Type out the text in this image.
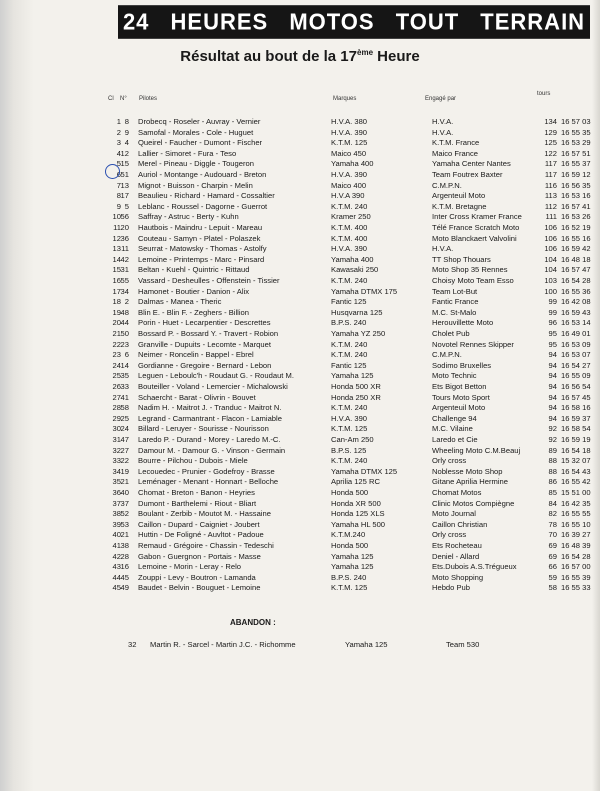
24 HEURES MOTOS TOUT TERRAIN
Résultat au bout de la 17ème Heure
Cl N° Pilotes	Marques	Engagé par
tours
1 8 Drobecq - Roseler - Auvray - Vernier	H.V.A. 380	H.V.A.	134 16 57 03
2 9 Samofal - Morales - Cole - Huguet	H.V.A. 390	H.V.A.	129 16 55 35
3 4 Queirel - Faucher - Dumont - Fischer	K.T.M. 125	K.T.M. France	125 16 53 29
4 12 Lallier - Simoret - Fura - Teso	Maico 450	Maico France	122 16 57 51
5 15 Merel - Pineau - Diggle - Tougeron	Yamaha 400	Yamaha Center Nantes	117 16 55 37
6 51 Auriol - Montange - Audouard - Breton	H.V.A. 390	Team Foutrex Baxter	117 16 59 12
7 13 Mignot - Buisson - Charpin - Melin	Maico 400	C.M.P.N.	116 16 56 35
8 17 Beaulieu - Richard - Hamard - Cossaltier	H.V.A 390	Argenteuil Moto	113 16 53 16
9 5 Leblanc - Roussel - Dagorne - Guerrot	K.T.M. 240	K.T.M. Bretagne	112 16 57 41
10 56 Saffray - Astruc - Berty - Kuhn	Kramer 250	Inter Cross Kramer France	111 16 53 26
11 20 Hautbois - Maindru - Lepuit - Mareau	K.T.M. 400	Télé France Scratch Moto	106 16 52 19
12 36 Couteau - Samyn - Platel - Polaszek	K.T.M. 400	Moto Blanckaert Valvolini	106 16 55 16
13 11 Seurrat - Matowsky - Thomas - Astolfy	H.V.A. 390	H.V.A.	106 16 59 42
14 42 Lemoine - Printemps - Marc - Pinsard	Yamaha 400	TT Shop Thouars	104 16 48 18
15 31 Beltan - Kuehl - Quintric - Rittaud	Kawasaki 250	Moto Shop 35 Rennes	104 16 57 47
16 55 Vassard - Desheulles - Offenstein - Tissier	K.T.M. 240	Choisy Moto Team Esso	103 16 54 28
17 34 Hamonet - Boutier - Danion - Alix	Yamaha DTMX 175	Team Lot-But	100 16 55 36
18 2 Dalmas - Manea - Theric	Fantic 125	Fantic France	99 16 42 08
19 48 Blin E. - Blin F. - Zeghers - Billion	Husqvarna 125	M.C. St-Malo	99 16 59 43
20 44 Porin - Huet - Lecarpentier - Descrettes	B.P.S. 240	Herouvillette Moto	96 16 53 14
21 50 Bossard P. - Bossard Y. - Travert - Robion	Yamaha YZ 250	Cholet Pub	95 16 49 01
22 23 Granville - Dupuits - Lecomte - Marquet	K.T.M. 240	Novotel Rennes Skipper	95 16 53 09
23 6 Neimer - Roncelin - Bappel - Ebrel	K.T.M. 240	C.M.P.N.	94 16 53 07
24 14 Gordianne - Gregoire - Bernard - Lebon	Fantic 125	Sodimo Bruxelles	94 16 54 27
25 35 Leguen - Leboulc'h - Roudaut G. - Roudaut M.	Yamaha 125	Moto Technic	94 16 55 09
26 33 Bouteiller - Voland - Lemercier - Michalowski	Honda 500 XR	Ets Bigot Betton	94 16 56 54
27 41 Schaercht - Barat - Olivrin - Bouvet	Honda 250 XR	Tours Moto Sport	94 16 57 45
28 58 Nadim H. - Maitrot J. - Tranduc - Maitrot N.	K.T.M. 240	Argenteuil Moto	94 16 58 16
29 25 Legrand - Carmantrant - Flacon - Lamiable	H.V.A. 390	Challenge 94	94 16 59 37
30 24 Billard - Leruyer - Sourisse - Nourisson	K.T.M. 125	M.C. Vilaine	92 16 58 54
31 47 Laredo P. - Durand - Morey - Laredo M.-C.	Can-Am 250	Laredo et Cie	92 16 59 19
32 27 Damour M. - Damour G. - Vinson - Germain	B.P.S. 125	Wheeling Moto C.M.Beauj	89 16 54 18
33 22 Bourre - Pilchou - Dubois - Miele	K.T.M. 240	Orly cross	88 15 32 07
34 19 Lecouedec - Prunier - Godefroy - Brasse	Yamaha DTMX 125	Noblesse Moto Shop	88 16 54 43
35 21 Leménager - Menant - Honnart - Belloche	Aprilia 125 RC	Gitane Aprilia Hermine	86 16 55 42
36 40 Chomat - Breton - Banon - Heyries	Honda 500	Chomat Motos	85 15 51 00
37 37 Dumont - Barthelemi - Riout - Bliart	Honda XR 500	Clinic Motos Compiègne	84 16 42 35
38 52 Boulant - Zerbib - Moutot M. - Hassaine	Honda 125 XLS	Moto Journal	82 16 55 55
39 53 Caillon - Dupard - Caigniet - Joubert	Yamaha HL 500	Caillon Christian	78 16 55 10
40 21 Huttin - De Foligné - Auvltot - Padoue	K.T.M.240	Orly cross	70 16 39 27
41 38 Remaud - Grégoire - Chassin - Tedeschi	Honda 500	Ets Rocheteau	69 16 48 39
42 28 Gabon - Guergnon - Portais - Masse	Yamaha 125	Deniel - Allard	69 16 54 28
43 16 Lemoine - Morin - Leray - Relo	Yamaha 125	Ets.Dubois A.S.Trégueux	66 16 57 00
44 45 Zouppi - Levy - Boutron - Lamanda	B.P.S. 240	Moto Shopping	59 16 55 39
45 49 Baudet - Belvin - Bouguet - Lemoine	K.T.M. 125	Hebdo Pub	58 16 55 33
ABANDON :
32 Martin R. - Sarcel - Martin J.C. - Richomme	Yamaha 125	Team 530
